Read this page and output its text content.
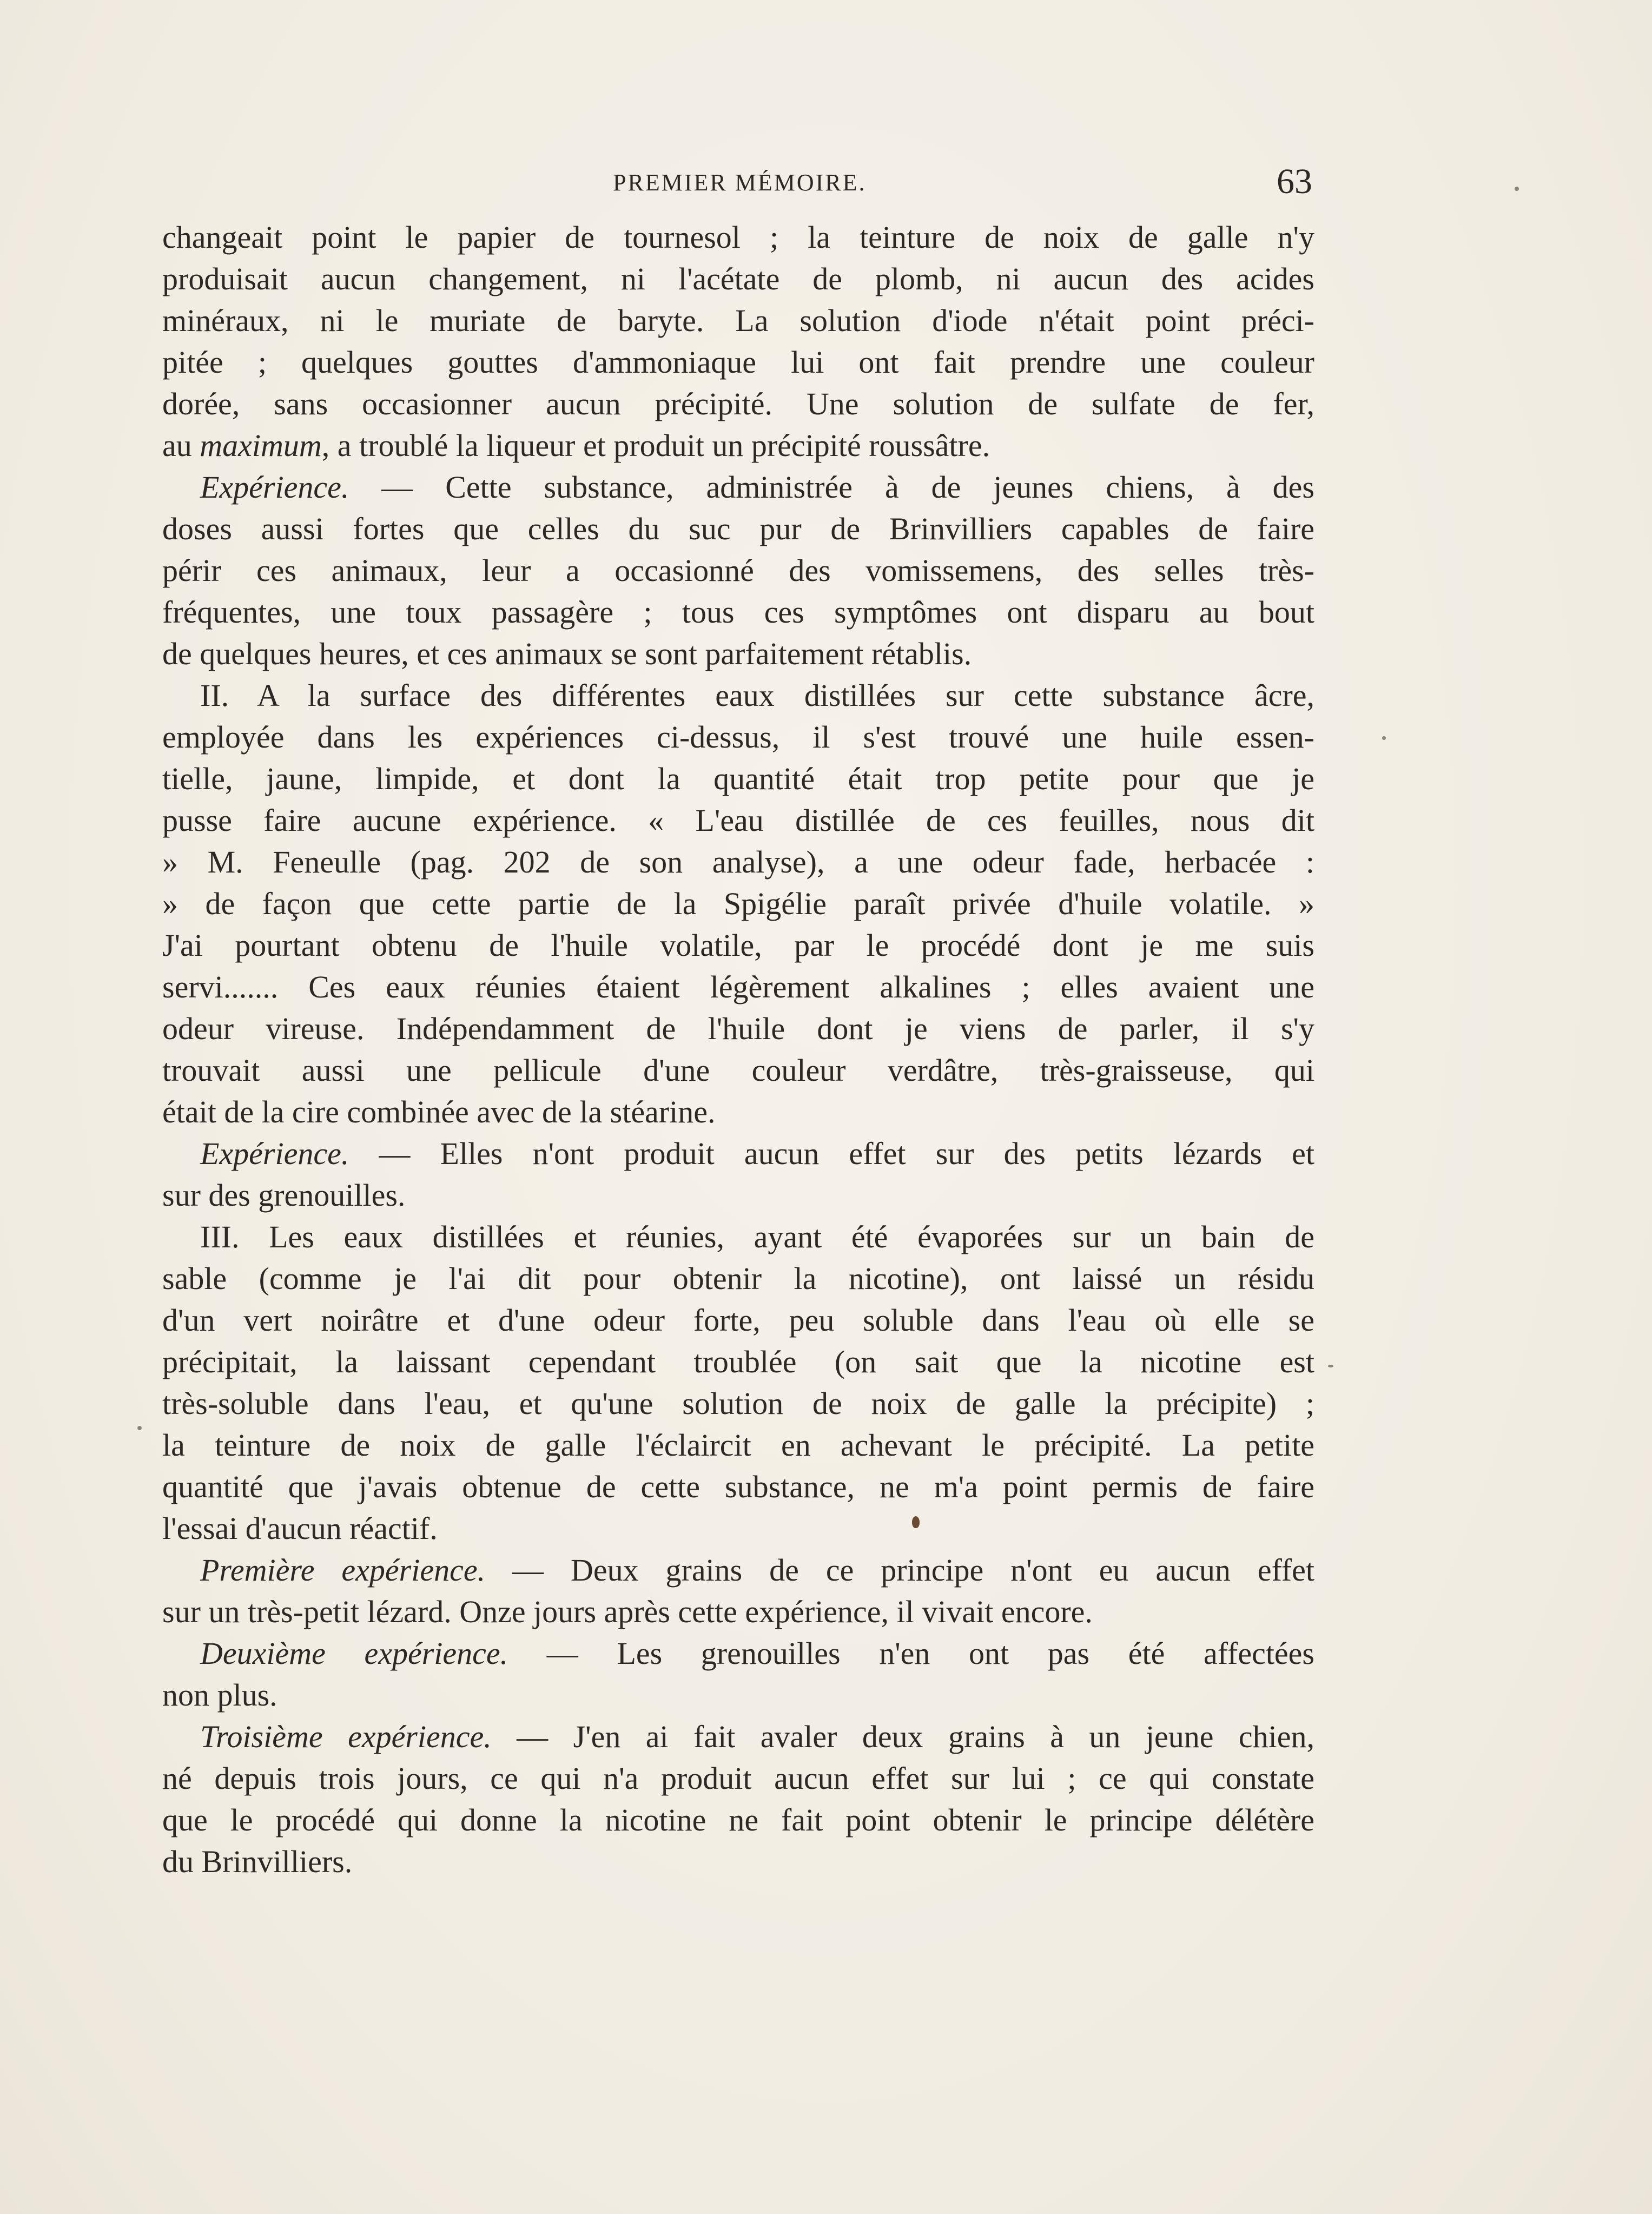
PREMIER MÉMOIRE.	63
changeait point le papier de tournesol ; la teinture de noix de galle n'y
produisait aucun changement, ni l'acétate de plomb, ni aucun des acides
minéraux, ni le muriate de baryte. La solution d'iode n'était point préci-
pitée ; quelques gouttes d'ammoniaque lui ont fait prendre une couleur
dorée, sans occasionner aucun précipité. Une solution de sulfate de fer,
au maximum, a troublé la liqueur et produit un précipité roussâtre.
Expérience. — Cette substance, administrée à de jeunes chiens, à des
doses aussi fortes que celles du suc pur de Brinvilliers capables de faire
périr ces animaux, leur a occasionné des vomissemens, des selles très-
fréquentes, une toux passagère ; tous ces symptômes ont disparu au bout
de quelques heures, et ces animaux se sont parfaitement rétablis.
II. A la surface des différentes eaux distillées sur cette substance âcre,
employée dans les expériences ci-dessus, il s'est trouvé une huile essen-
tielle, jaune, limpide, et dont la quantité était trop petite pour que je
pusse faire aucune expérience. « L'eau distillée de ces feuilles, nous dit
» M. Feneulle (pag. 202 de son analyse), a une odeur fade, herbacée :
» de façon que cette partie de la Spigélie paraît privée d'huile volatile. »
J'ai pourtant obtenu de l'huile volatile, par le procédé dont je me suis
servi....... Ces eaux réunies étaient légèrement alkalines ; elles avaient une
odeur vireuse. Indépendamment de l'huile dont je viens de parler, il s'y
trouvait aussi une pellicule d'une couleur verdâtre, très-graisseuse, qui
était de la cire combinée avec de la stéarine.
Expérience. — Elles n'ont produit aucun effet sur des petits lézards et
sur des grenouilles.
III. Les eaux distillées et réunies, ayant été évaporées sur un bain de
sable (comme je l'ai dit pour obtenir la nicotine), ont laissé un résidu
d'un vert noirâtre et d'une odeur forte, peu soluble dans l'eau où elle se
précipitait, la laissant cependant troublée (on sait que la nicotine est
très-soluble dans l'eau, et qu'une solution de noix de galle la précipite) ;
la teinture de noix de galle l'éclaircit en achevant le précipité. La petite
quantité que j'avais obtenue de cette substance, ne m'a point permis de faire
l'essai d'aucun réactif.
Première expérience. — Deux grains de ce principe n'ont eu aucun effet
sur un très-petit lézard. Onze jours après cette expérience, il vivait encore.
Deuxième expérience. — Les grenouilles n'en ont pas été affectées
non plus.
Troisième expérience. — J'en ai fait avaler deux grains à un jeune chien,
né depuis trois jours, ce qui n'a produit aucun effet sur lui ; ce qui constate
que le procédé qui donne la nicotine ne fait point obtenir le principe délétère
du Brinvilliers.
